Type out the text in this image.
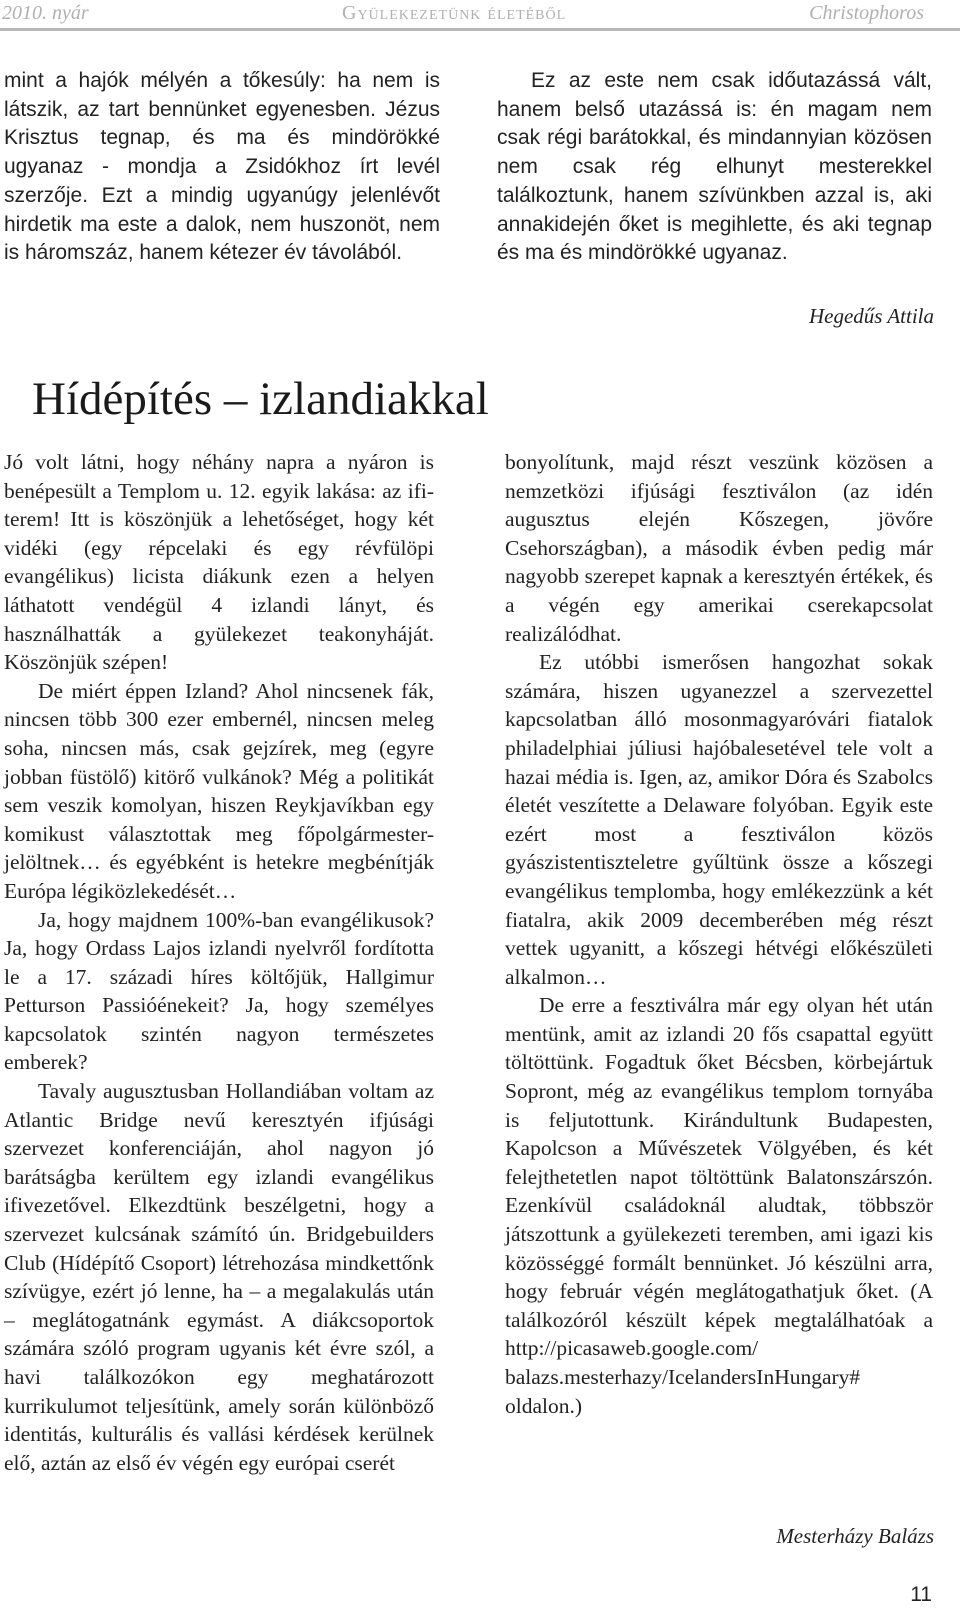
2010. nyár	Gyülekezetünk életéből	Christophoros

mint a hajók mélyén a tőkesúly: ha nem is látszik, az tart bennünket egyenesben. Jézus Krisztus tegnap, és ma és mindörökké ugyanaz - mondja a Zsidókhoz írt levél szerzője. Ezt a mindig ugyanúgy jelenlévőt hirdetik ma este a dalok, nem huszonöt, nem is háromszáz, hanem kétezer év távolából.

Ez az este nem csak időutazássá vált, hanem belső utazássá is: én magam nem csak régi barátokkal, és mindannyian közösen nem csak rég elhunyt mesterekkel találkoztunk, hanem szívünkben azzal is, aki annakidején őket is megihlette, és aki tegnap és ma és mindörökké ugyanaz.

Hegedűs Attila
Hídépítés – izlandiakkal

Jó volt látni, hogy néhány napra a nyáron is benépesült a Templom u. 12. egyik lakása: az ifi-terem! Itt is köszönjük a lehetőséget, hogy két vidéki (egy répcelaki és egy révfülöpi evangélikus) licista diákunk ezen a helyen láthatott vendégül 4 izlandi lányt, és használhatták a gyülekezet teakonyháját. Köszönjük szépen!

De miért éppen Izland? Ahol nincsenek fák, nincsen több 300 ezer embernél, nincsen meleg soha, nincsen más, csak gejzírek, meg (egyre jobban füstölő) kitörő vulkánok? Még a politikát sem veszik komolyan, hiszen Reykjavíkban egy komikust választottak meg főpolgármester-jelöltnek… és egyébként is hetekre megbénítják Európa légiközlekedését…

Ja, hogy majdnem 100%-ban evangélikusok? Ja, hogy Ordass Lajos izlandi nyelvről fordította le a 17. századi híres költőjük, Hallgimur Petturson Passióénekeit? Ja, hogy személyes kapcsolatok szintén nagyon természetes emberek?

Tavaly augusztusban Hollandiában voltam az Atlantic Bridge nevű keresztyén ifjúsági szervezet konferenciáján, ahol nagyon jó barátságba kerültem egy izlandi evangélikus ifivezetővel. Elkezdtünk beszélgetni, hogy a szervezet kulcsának számító ún. Bridgebuilders Club (Hídépítő Csoport) létrehozása mindkettőnk szívügye, ezért jó lenne, ha – a megalakulás után – meglátogatnánk egymást. A diákcsoportok számára szóló program ugyanis két évre szól, a havi találkozókon egy meghatározott kurrikulumot teljesítünk, amely során különböző identitás, kulturális és vallási kérdések kerülnek elő, aztán az első év végén egy európai cserét

bonyolítunk, majd részt veszünk közösen a nemzetközi ifjúsági fesztiválon (az idén augusztus elején Kőszegen, jövőre Csehországban), a második évben pedig már nagyobb szerepet kapnak a keresztyén értékek, és a végén egy amerikai cserekapcsolat realizálódhat.

Ez utóbbi ismerősen hangozhat sokak számára, hiszen ugyanezzel a szervezettel kapcsolatban álló mosonmagyaróvári fiatalok philadelphiai júliusi hajóbalesetével tele volt a hazai média is. Igen, az, amikor Dóra és Szabolcs életét veszítette a Delaware folyóban. Egyik este ezért most a fesztiválon közös gyászistentiszteletre gyűltünk össze a kőszegi evangélikus templomba, hogy emlékezzünk a két fiatalra, akik 2009 decemberében még részt vettek ugyanitt, a kőszegi hétvégi előkészületi alkalmon…

De erre a fesztiválra már egy olyan hét után mentünk, amit az izlandi 20 fős csapattal együtt töltöttünk. Fogadtuk őket Bécsben, körbejártuk Sopront, még az evangélikus templom tornyába is feljutottunk. Kirándultunk Budapesten, Kapolcson a Művészetek Völgyében, és két felejthetetlen napot töltöttünk Balatonszárszón. Ezenkívül családoknál aludtak, többször játszottunk a gyülekezeti teremben, ami igazi kis közösséggé formált bennünket. Jó készülni arra, hogy február végén meglátogathatjuk őket. (A találkozóról készült képek megtalálhatóak a http://picasaweb.google.com/ balazs.mesterhazy/IcelandersInHungary# oldalon.)

Mesterházy Balázs
11
